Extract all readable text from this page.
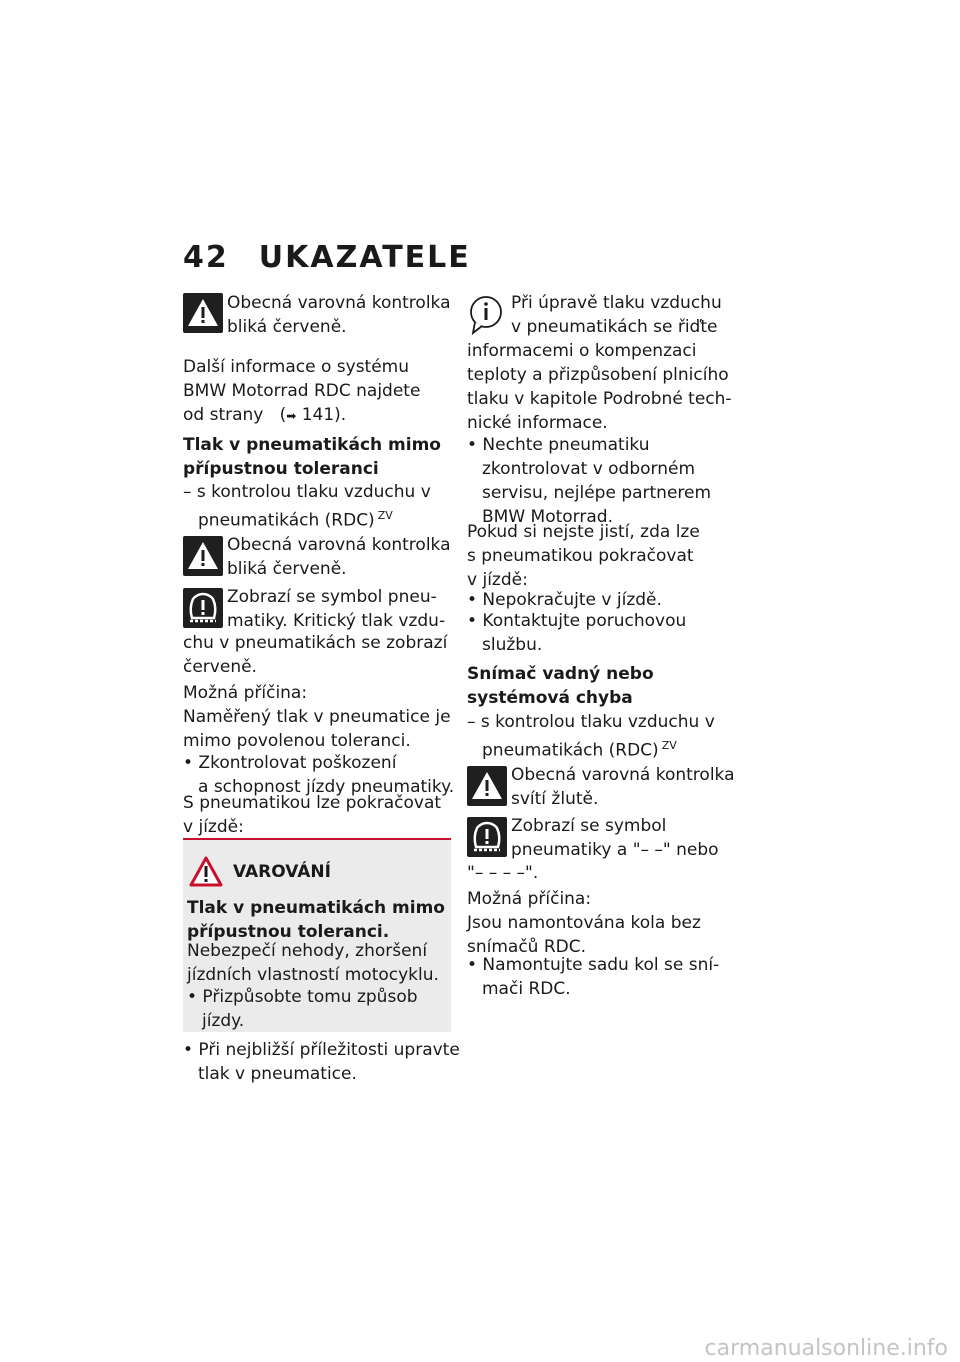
42 UKAZATELE
Obecná varovná kontrolka
bliká červeně.
Další informace o systému
BMW Motorrad RDC najdete
od strany   (➡ 141).
Tlak v pneumatikách mimo
přípustnou toleranci
– s kontrolou tlaku vzduchu v
pneumatikách (RDC) $^{ZV}$
Obecná varovná kontrolka
bliká červeně.
Zobrazí se symbol pneu-
matiky. Kritický tlak vzdu-
chu v pneumatikách se zobrazí
červeně.
Možná příčina:
Naměřený tlak v pneumatice je
mimo povolenou toleranci.
• Zkontrolovat poškození
a schopnost jízdy pneumatiky.
S pneumatikou lze pokračovat
v jízdě:
VAROVÁNÍ
Tlak v pneumatikách mimo
přípustnou toleranci.
Nebezpečí nehody, zhoršení
jízdních vlastností motocyklu.
• Přizpůsobte tomu způsob
jízdy.
• Při nejbližší příležitosti upravte
tlak v pneumatice.
Při úpravě tlaku vzduchu
v pneumatikách se řiďte
informacemi o kompenzaci
teploty a přizpůsobení plnicího
tlaku v kapitole Podrobné tech-
nické informace.
• Nechte pneumatiku
zkontrolovat v odborném
servisu, nejlépe partnerem
BMW Motorrad.
Pokud si nejste jistí, zda lze
s pneumatikou pokračovat
v jízdě:
• Nepokračujte v jízdě.
• Kontaktujte poruchovou
službu.
Snímač vadný nebo
systémová chyba
– s kontrolou tlaku vzduchu v
pneumatikách (RDC) $^{ZV}$
Obecná varovná kontrolka
svítí žlutě.
Zobrazí se symbol
pneumatiky a "– –" nebo
"– – – –".
Možná příčina:
Jsou namontována kola bez
snímačů RDC.
• Namontujte sadu kol se sní-
mači RDC.
carmanualsonline.info
